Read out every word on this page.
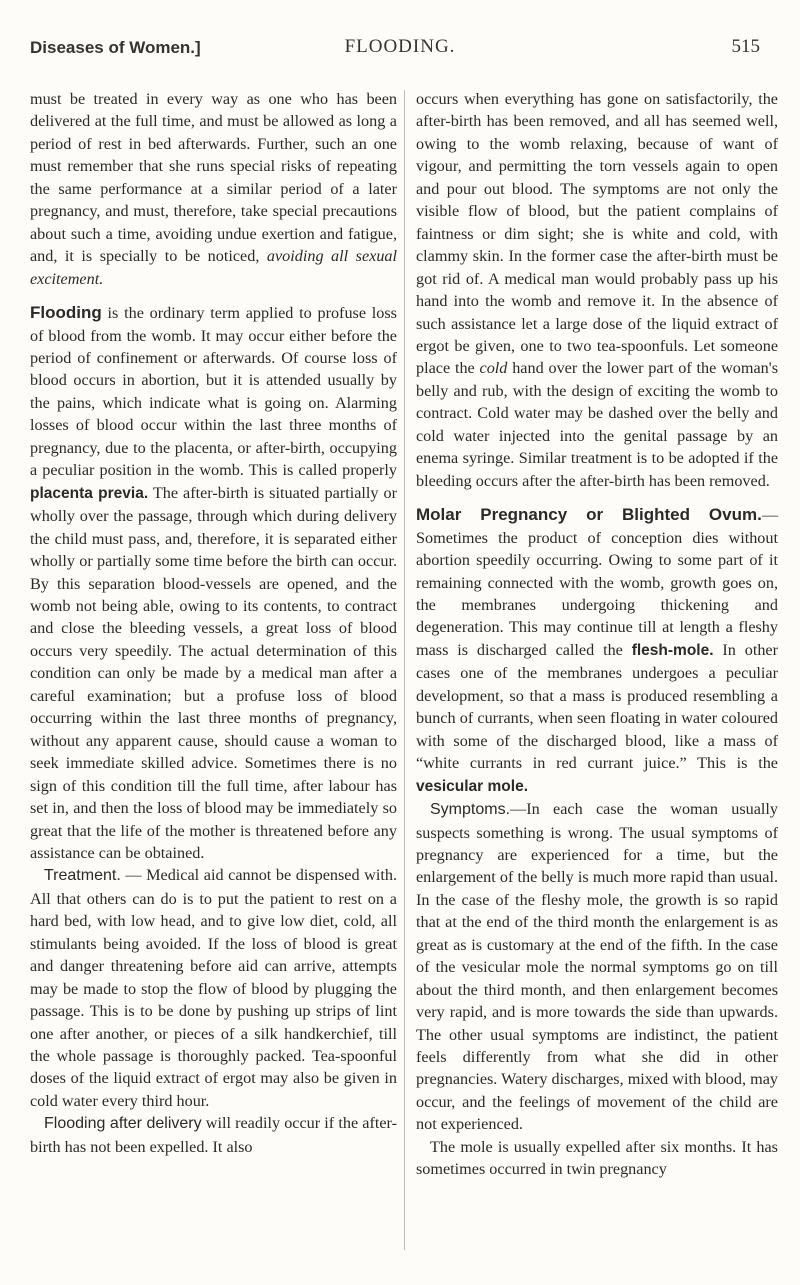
Diseases of Women.]	FLOODING.	515

must be treated in every way as one who has been delivered at the full time, and must be allowed as long a period of rest in bed afterwards. Further, such an one must remember that she runs special risks of repeating the same performance at a similar period of a later pregnancy, and must, therefore, take special precautions about such a time, avoiding undue exertion and fatigue, and, it is specially to be noticed, avoiding all sexual excitement.

Flooding is the ordinary term applied to profuse loss of blood from the womb. It may occur either before the period of confinement or afterwards. Of course loss of blood occurs in abortion, but it is attended usually by the pains, which indicate what is going on. Alarming losses of blood occur within the last three months of pregnancy, due to the placenta, or after-birth, occupying a peculiar position in the womb. This is called properly placenta previa. The after-birth is situated partially or wholly over the passage, through which during delivery the child must pass, and, therefore, it is separated either wholly or partially some time before the birth can occur. By this separation blood-vessels are opened, and the womb not being able, owing to its contents, to contract and close the bleeding vessels, a great loss of blood occurs very speedily. The actual determination of this condition can only be made by a medical man after a careful examination; but a profuse loss of blood occurring within the last three months of pregnancy, without any apparent cause, should cause a woman to seek immediate skilled advice. Sometimes there is no sign of this condition till the full time, after labour has set in, and then the loss of blood may be immediately so great that the life of the mother is threatened before any assistance can be obtained.

Treatment. — Medical aid cannot be dispensed with. All that others can do is to put the patient to rest on a hard bed, with low head, and to give low diet, cold, all stimulants being avoided. If the loss of blood is great and danger threatening before aid can arrive, attempts may be made to stop the flow of blood by plugging the passage. This is to be done by pushing up strips of lint one after another, or pieces of a silk handkerchief, till the whole passage is thoroughly packed. Tea-spoonful doses of the liquid extract of ergot may also be given in cold water every third hour.

Flooding after delivery will readily occur if the after-birth has not been expelled. It also

occurs when everything has gone on satisfactorily, the after-birth has been removed, and all has seemed well, owing to the womb relaxing, because of want of vigour, and permitting the torn vessels again to open and pour out blood. The symptoms are not only the visible flow of blood, but the patient complains of faintness or dim sight; she is white and cold, with clammy skin. In the former case the after-birth must be got rid of. A medical man would probably pass up his hand into the womb and remove it. In the absence of such assistance let a large dose of the liquid extract of ergot be given, one to two tea-spoonfuls. Let someone place the cold hand over the lower part of the woman's belly and rub, with the design of exciting the womb to contract. Cold water may be dashed over the belly and cold water injected into the genital passage by an enema syringe. Similar treatment is to be adopted if the bleeding occurs after the after-birth has been removed.

Molar Pregnancy or Blighted Ovum.— Sometimes the product of conception dies without abortion speedily occurring. Owing to some part of it remaining connected with the womb, growth goes on, the membranes undergoing thickening and degeneration. This may continue till at length a fleshy mass is discharged called the flesh-mole. In other cases one of the membranes undergoes a peculiar development, so that a mass is produced resembling a bunch of currants, when seen floating in water coloured with some of the discharged blood, like a mass of “white currants in red currant juice.” This is the vesicular mole.

Symptoms.—In each case the woman usually suspects something is wrong. The usual symptoms of pregnancy are experienced for a time, but the enlargement of the belly is much more rapid than usual. In the case of the fleshy mole, the growth is so rapid that at the end of the third month the enlargement is as great as is customary at the end of the fifth. In the case of the vesicular mole the normal symptoms go on till about the third month, and then enlargement becomes very rapid, and is more towards the side than upwards. The other usual symptoms are indistinct, the patient feels differently from what she did in other pregnancies. Watery discharges, mixed with blood, may occur, and the feelings of movement of the child are not experienced.

The mole is usually expelled after six months. It has sometimes occurred in twin pregnancy
